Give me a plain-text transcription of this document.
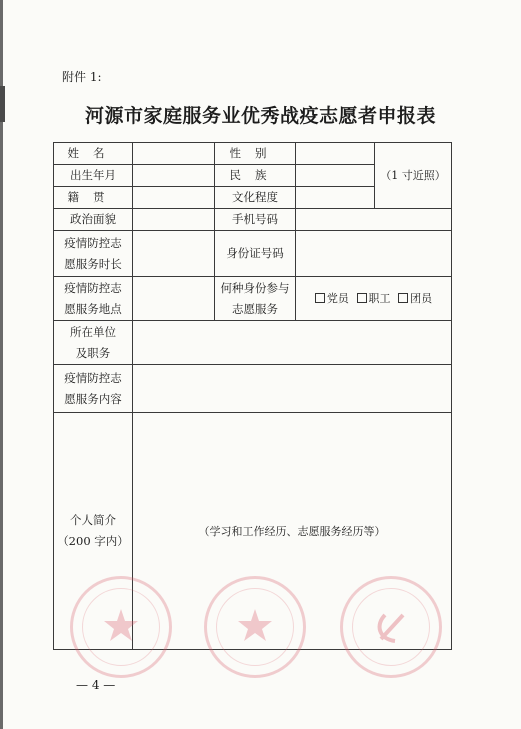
附件 1:
河源市家庭服务业优秀战疫志愿者申报表
姓名		性别		（1 寸近照）
出生年月		民族		
籍贯		文化程度		
政治面貌		手机号码		
疫情防控志愿服务时长		身份证号码		
疫情防控志愿服务地点		何种身份参与志愿服务	党员 职工 团员	
所在单位及职务				
疫情防控志愿服务内容				

个人简介
（200 字内）	（学习和工作经历、志愿服务经历等）			
— 4 —
